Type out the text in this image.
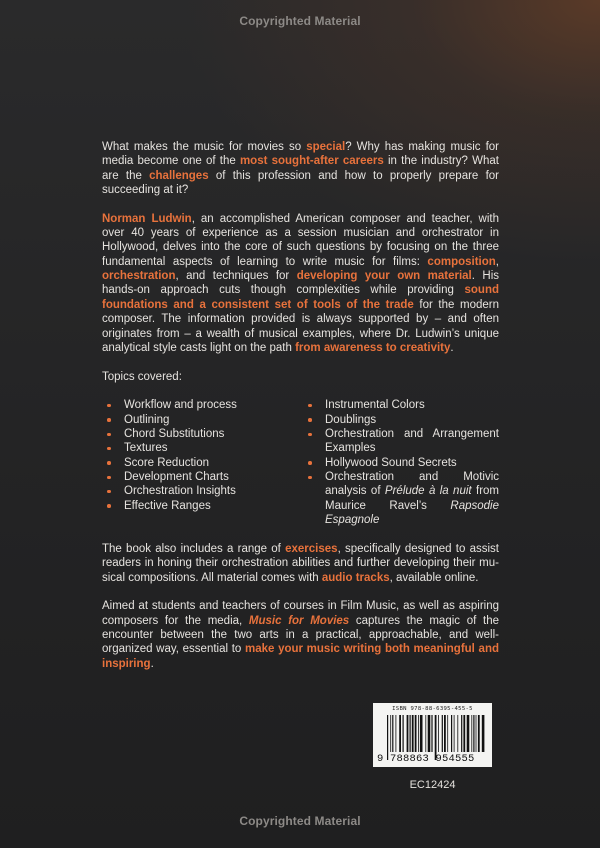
Copyrighted Material

What makes the music for movies so special? Why has making music for media become one of the most sought-after careers in the industry? What are the challenges of this profession and how to properly prepare for succeeding at it?

Norman Ludwin, an accomplished American composer and teacher, with over 40 years of experience as a session musician and orchestrator in Hollywood, delves into the core of such questions by focusing on the three fundamental aspects of learning to write music for films: composition, orchestration, and techniques for developing your own material. His hands-on approach cuts though complexities while providing sound foundations and a consistent set of tools of the trade for the modern composer. The information provided is always supported by – and often originates from – a wealth of musical examples, where Dr. Ludwin’s unique analytical style casts light on the path from awareness to creativity.

Topics covered:
Workflow and process
Outlining
Chord Substitutions
Textures
Score Reduction
Development Charts
Orchestration Insights
Effective Ranges
Instrumental Colors
Doublings
Orchestration and Arrangement Examples
Hollywood Sound Secrets
Orchestration and Motivic analysis of Prélude à la nuit from Maurice Ravel’s Rapsodie Espagnole

The book also includes a range of exercises, specifically designed to assist readers in honing their orchestration abilities and further developing their musical compositions. All material comes with audio tracks, available online.

Aimed at students and teachers of courses in Film Music, as well as aspiring composers for the media, Music for Movies captures the magic of the encounter between the two arts in a practical, approachable, and well-organized way, essential to make your music writing both meaningful and inspiring.

ISBN 978-88-6395-455-5
9 788863 954555
EC12424
Copyrighted Material
